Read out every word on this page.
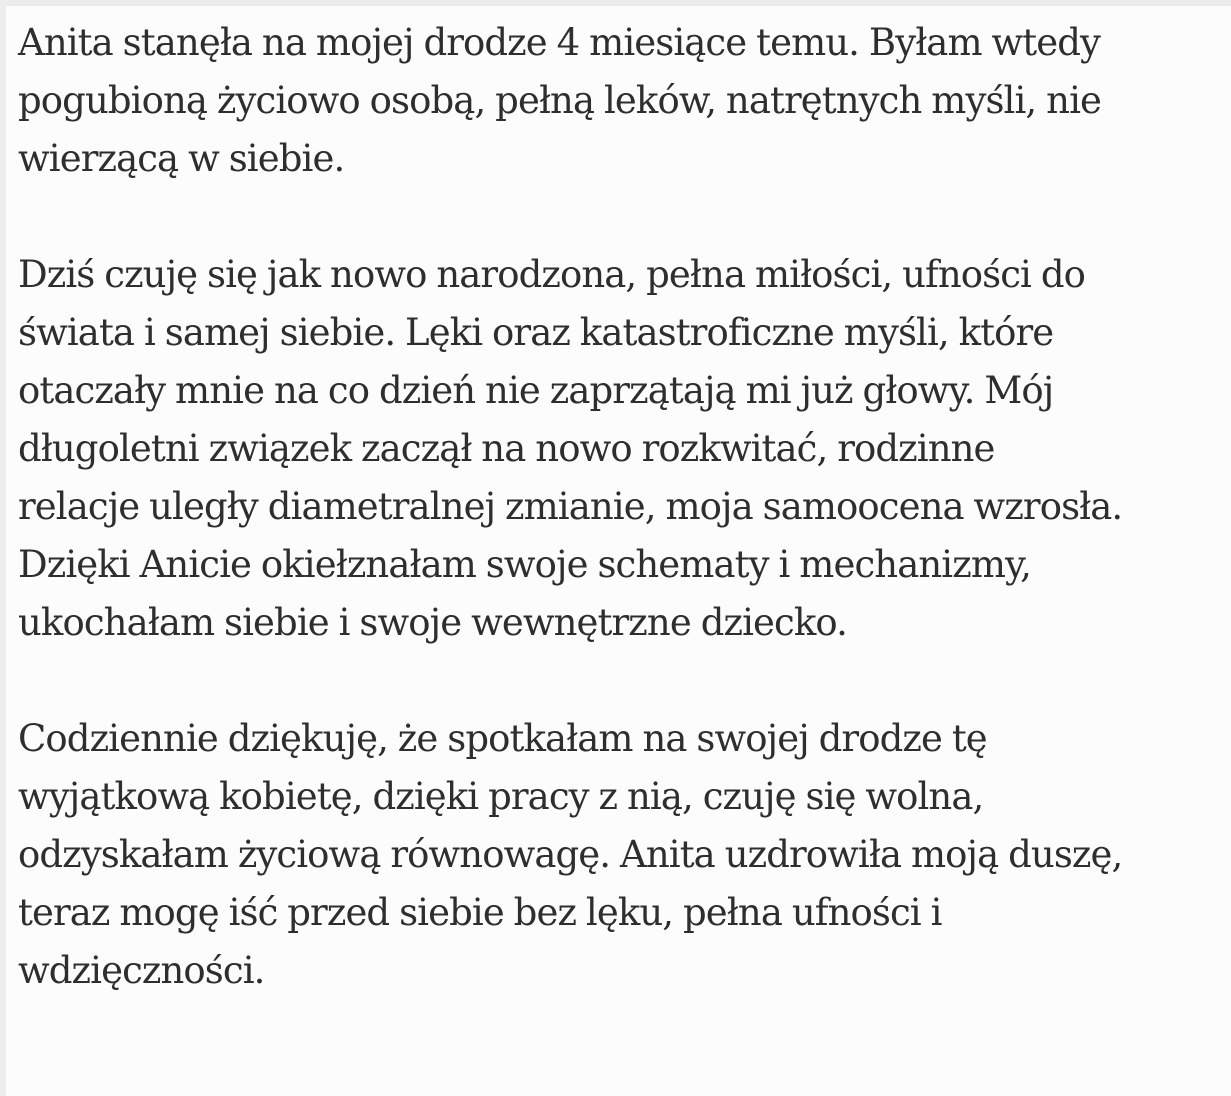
Anita stanęła na mojej drodze 4 miesiące temu. Byłam wtedy
pogubioną życiowo osobą, pełną leków, natrętnych myśli, nie
wierzącą w siebie.

Dziś czuję się jak nowo narodzona, pełna miłości, ufności do
świata i samej siebie. Lęki oraz katastroficzne myśli, które
otaczały mnie na co dzień nie zaprzątają mi już głowy. Mój
długoletni związek zaczął na nowo rozkwitać, rodzinne
relacje uległy diametralnej zmianie, moja samoocena wzrosła.
Dzięki Anicie okiełznałam swoje schematy i mechanizmy,
ukochałam siebie i swoje wewnętrzne dziecko.

Codziennie dziękuję, że spotkałam na swojej drodze tę
wyjątkową kobietę, dzięki pracy z nią, czuję się wolna,
odzyskałam życiową równowagę. Anita uzdrowiła moją duszę,
teraz mogę iść przed siebie bez lęku, pełna ufności i
wdzięczności.
